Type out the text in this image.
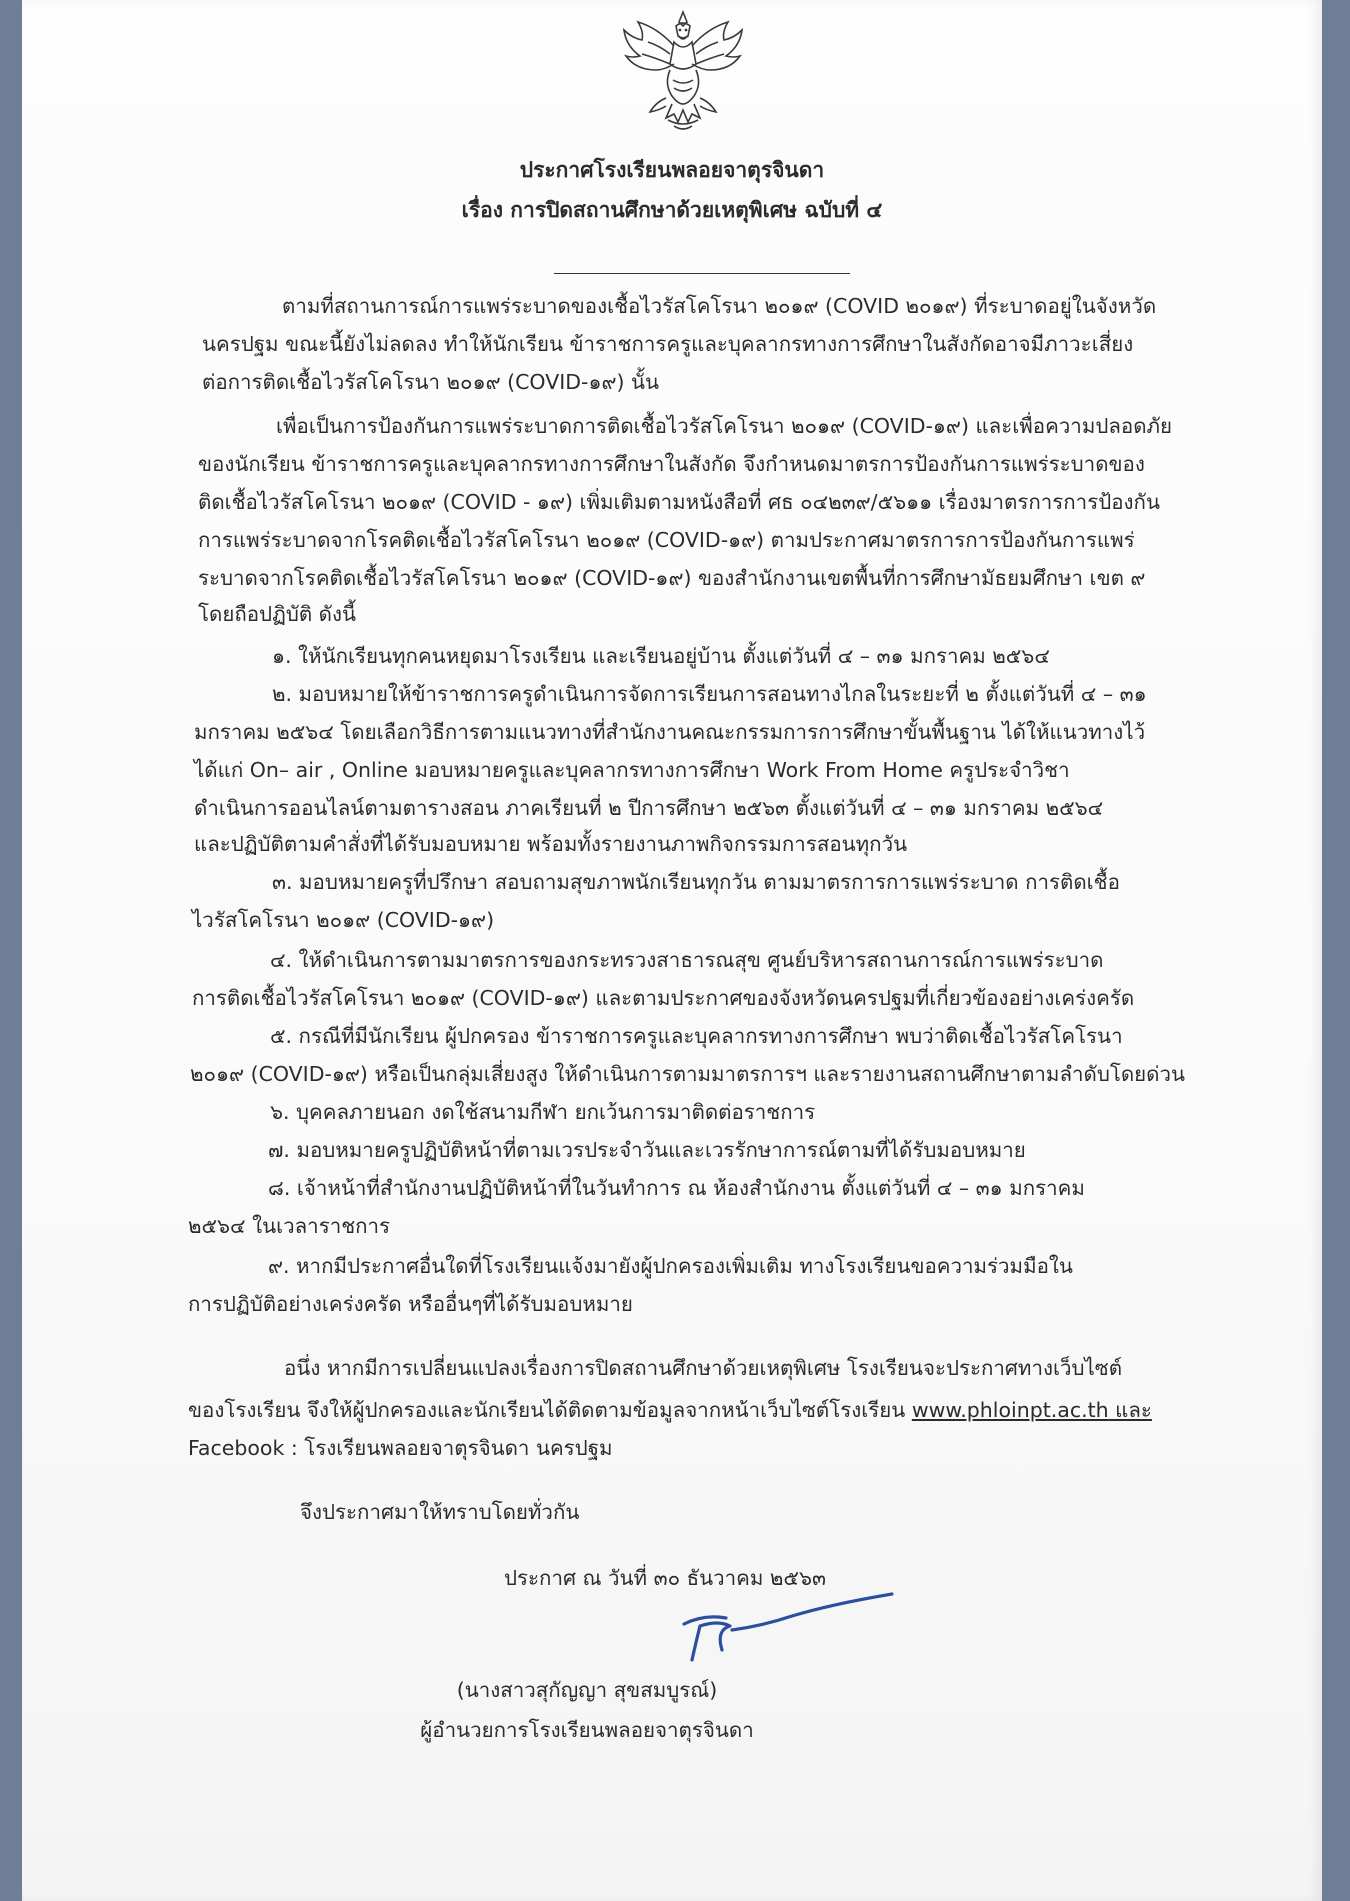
ประกาศโรงเรียนพลอยจาตุรจินดา
เรื่อง การปิดสถานศึกษาด้วยเหตุพิเศษ ฉบับที่ ๔
ตามที่สถานการณ์การแพร่ระบาดของเชื้อไวรัสโคโรนา ๒๐๑๙ (COVID ๒๐๑๙) ที่ระบาดอยู่ในจังหวัด
นครปฐม ขณะนี้ยังไม่ลดลง ทำให้นักเรียน ข้าราชการครูและบุคลากรทางการศึกษาในสังกัดอาจมีภาวะเสี่ยง
ต่อการติดเชื้อไวรัสโคโรนา ๒๐๑๙ (COVID-๑๙) นั้น
เพื่อเป็นการป้องกันการแพร่ระบาดการติดเชื้อไวรัสโคโรนา ๒๐๑๙ (COVID-๑๙) และเพื่อความปลอดภัย
ของนักเรียน ข้าราชการครูและบุคลากรทางการศึกษาในสังกัด จึงกำหนดมาตรการป้องกันการแพร่ระบาดของ
ติดเชื้อไวรัสโคโรนา ๒๐๑๙ (COVID - ๑๙) เพิ่มเติมตามหนังสือที่ ศธ ๐๔๒๓๙/๕๖๑๑ เรื่องมาตรการการป้องกัน
การแพร่ระบาดจากโรคติดเชื้อไวรัสโคโรนา ๒๐๑๙ (COVID-๑๙) ตามประกาศมาตรการการป้องกันการแพร่
ระบาดจากโรคติดเชื้อไวรัสโคโรนา ๒๐๑๙ (COVID-๑๙) ของสำนักงานเขตพื้นที่การศึกษามัธยมศึกษา เขต ๙
โดยถือปฏิบัติ ดังนี้
๑. ให้นักเรียนทุกคนหยุดมาโรงเรียน และเรียนอยู่บ้าน ตั้งแต่วันที่ ๔ – ๓๑ มกราคม ๒๕๖๔
๒. มอบหมายให้ข้าราชการครูดำเนินการจัดการเรียนการสอนทางไกลในระยะที่ ๒ ตั้งแต่วันที่ ๔ – ๓๑
มกราคม ๒๕๖๔ โดยเลือกวิธีการตามแนวทางที่สำนักงานคณะกรรมการการศึกษาขั้นพื้นฐาน ได้ให้แนวทางไว้
ได้แก่ On– air , Online มอบหมายครูและบุคลากรทางการศึกษา Work From Home ครูประจำวิชา
ดำเนินการออนไลน์ตามตารางสอน ภาคเรียนที่ ๒ ปีการศึกษา ๒๕๖๓ ตั้งแต่วันที่ ๔ – ๓๑ มกราคม ๒๕๖๔
และปฏิบัติตามคำสั่งที่ได้รับมอบหมาย พร้อมทั้งรายงานภาพกิจกรรมการสอนทุกวัน
๓. มอบหมายครูที่ปรึกษา สอบถามสุขภาพนักเรียนทุกวัน ตามมาตรการการแพร่ระบาด การติดเชื้อ
ไวรัสโคโรนา ๒๐๑๙ (COVID-๑๙)
๔. ให้ดำเนินการตามมาตรการของกระทรวงสาธารณสุข ศูนย์บริหารสถานการณ์การแพร่ระบาด
การติดเชื้อไวรัสโคโรนา ๒๐๑๙ (COVID-๑๙) และตามประกาศของจังหวัดนครปฐมที่เกี่ยวข้องอย่างเคร่งครัด
๕. กรณีที่มีนักเรียน ผู้ปกครอง ข้าราชการครูและบุคลากรทางการศึกษา พบว่าติดเชื้อไวรัสโคโรนา
๒๐๑๙ (COVID-๑๙) หรือเป็นกลุ่มเสี่ยงสูง ให้ดำเนินการตามมาตรการฯ และรายงานสถานศึกษาตามลำดับโดยด่วน
๖. บุคคลภายนอก งดใช้สนามกีฬา ยกเว้นการมาติดต่อราชการ
๗. มอบหมายครูปฏิบัติหน้าที่ตามเวรประจำวันและเวรรักษาการณ์ตามที่ได้รับมอบหมาย
๘. เจ้าหน้าที่สำนักงานปฏิบัติหน้าที่ในวันทำการ ณ ห้องสำนักงาน ตั้งแต่วันที่ ๔ – ๓๑ มกราคม
๒๕๖๔ ในเวลาราชการ
๙. หากมีประกาศอื่นใดที่โรงเรียนแจ้งมายังผู้ปกครองเพิ่มเติม ทางโรงเรียนขอความร่วมมือใน
การปฏิบัติอย่างเคร่งครัด หรืออื่นๆที่ได้รับมอบหมาย
อนึ่ง หากมีการเปลี่ยนแปลงเรื่องการปิดสถานศึกษาด้วยเหตุพิเศษ โรงเรียนจะประกาศทางเว็บไซต์
ของโรงเรียน จึงให้ผู้ปกครองและนักเรียนได้ติดตามข้อมูลจากหน้าเว็บไซต์โรงเรียน www.phloinpt.ac.th และ
Facebook : โรงเรียนพลอยจาตุรจินดา นครปฐม
จึงประกาศมาให้ทราบโดยทั่วกัน
ประกาศ ณ วันที่ ๓๐ ธันวาคม ๒๕๖๓
(นางสาวสุกัญญา สุขสมบูรณ์)
ผู้อำนวยการโรงเรียนพลอยจาตุรจินดา
